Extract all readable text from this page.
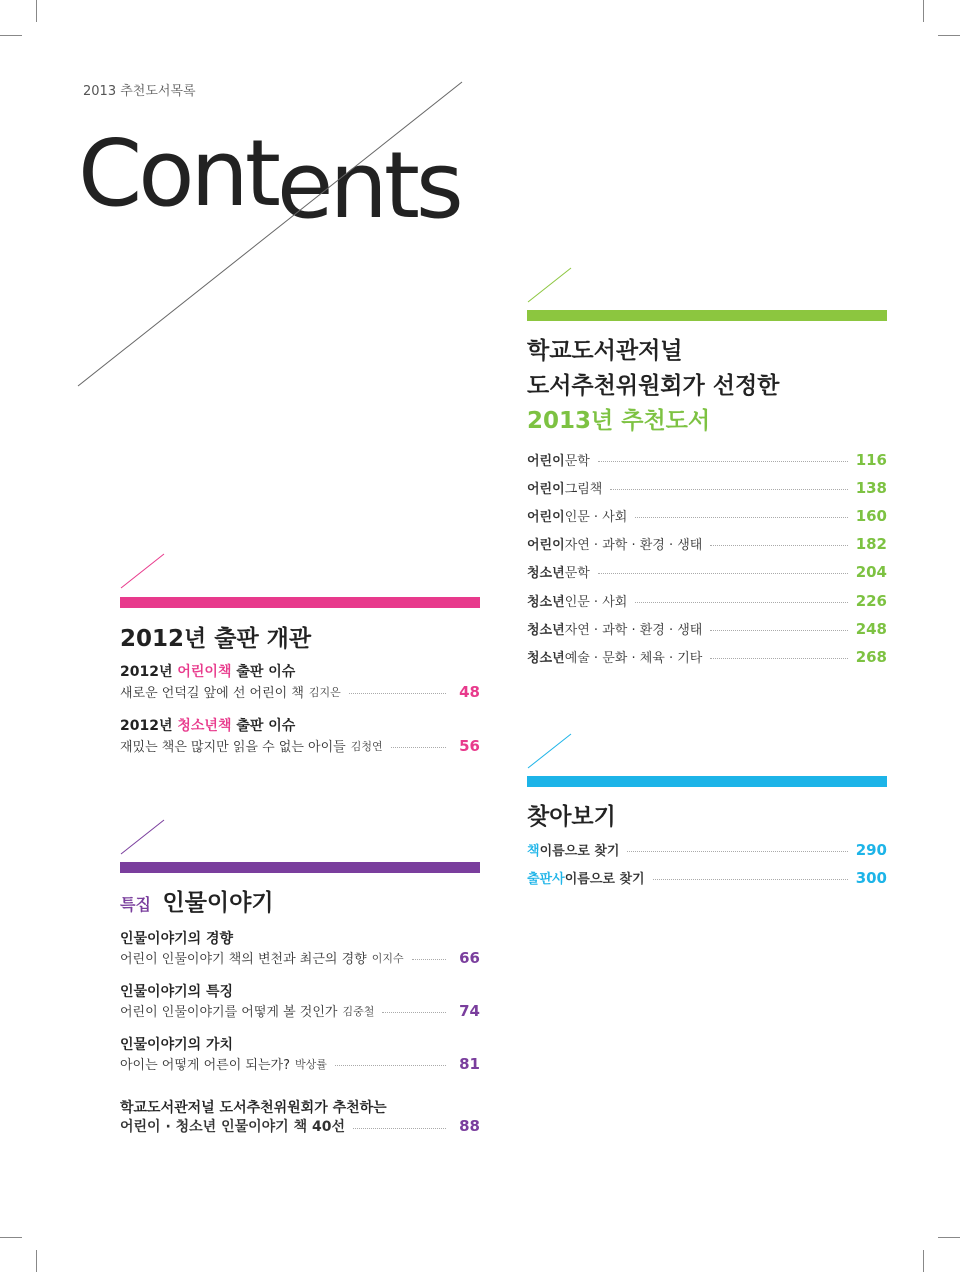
2013 추천도서목록
Contents
학교도서관저널
도서추천위원회가 선정한
2013년 추천도서
어린이 문학	116
어린이 그림책	138
어린이 인문 · 사회	160
어린이 자연 · 과학 · 환경 · 생태	182
청소년 문학	204
청소년 인문 · 사회	226
청소년 자연 · 과학 · 환경 · 생태	248
청소년 예술 · 문화 · 체육 · 기타	268
찾아보기
책 이름으로 찾기	290
출판사 이름으로 찾기	300
2012년 출판 개관
2012년 어린이책 출판 이슈
새로운 언덕길 앞에 선 어린이 책 김지은	48
2012년 청소년책 출판 이슈
재밌는 책은 많지만 읽을 수 없는 아이들 김청연	56
특집 인물이야기
인물이야기의 경향
어린이 인물이야기 책의 변천과 최근의 경향 이지수	66
인물이야기의 특징
어린이 인물이야기를 어떻게 볼 것인가 김중철	74
인물이야기의 가치
아이는 어떻게 어른이 되는가? 박상률	81
학교도서관저널 도서추천위원회가 추천하는
어린이 · 청소년 인물이야기 책 40선	88
